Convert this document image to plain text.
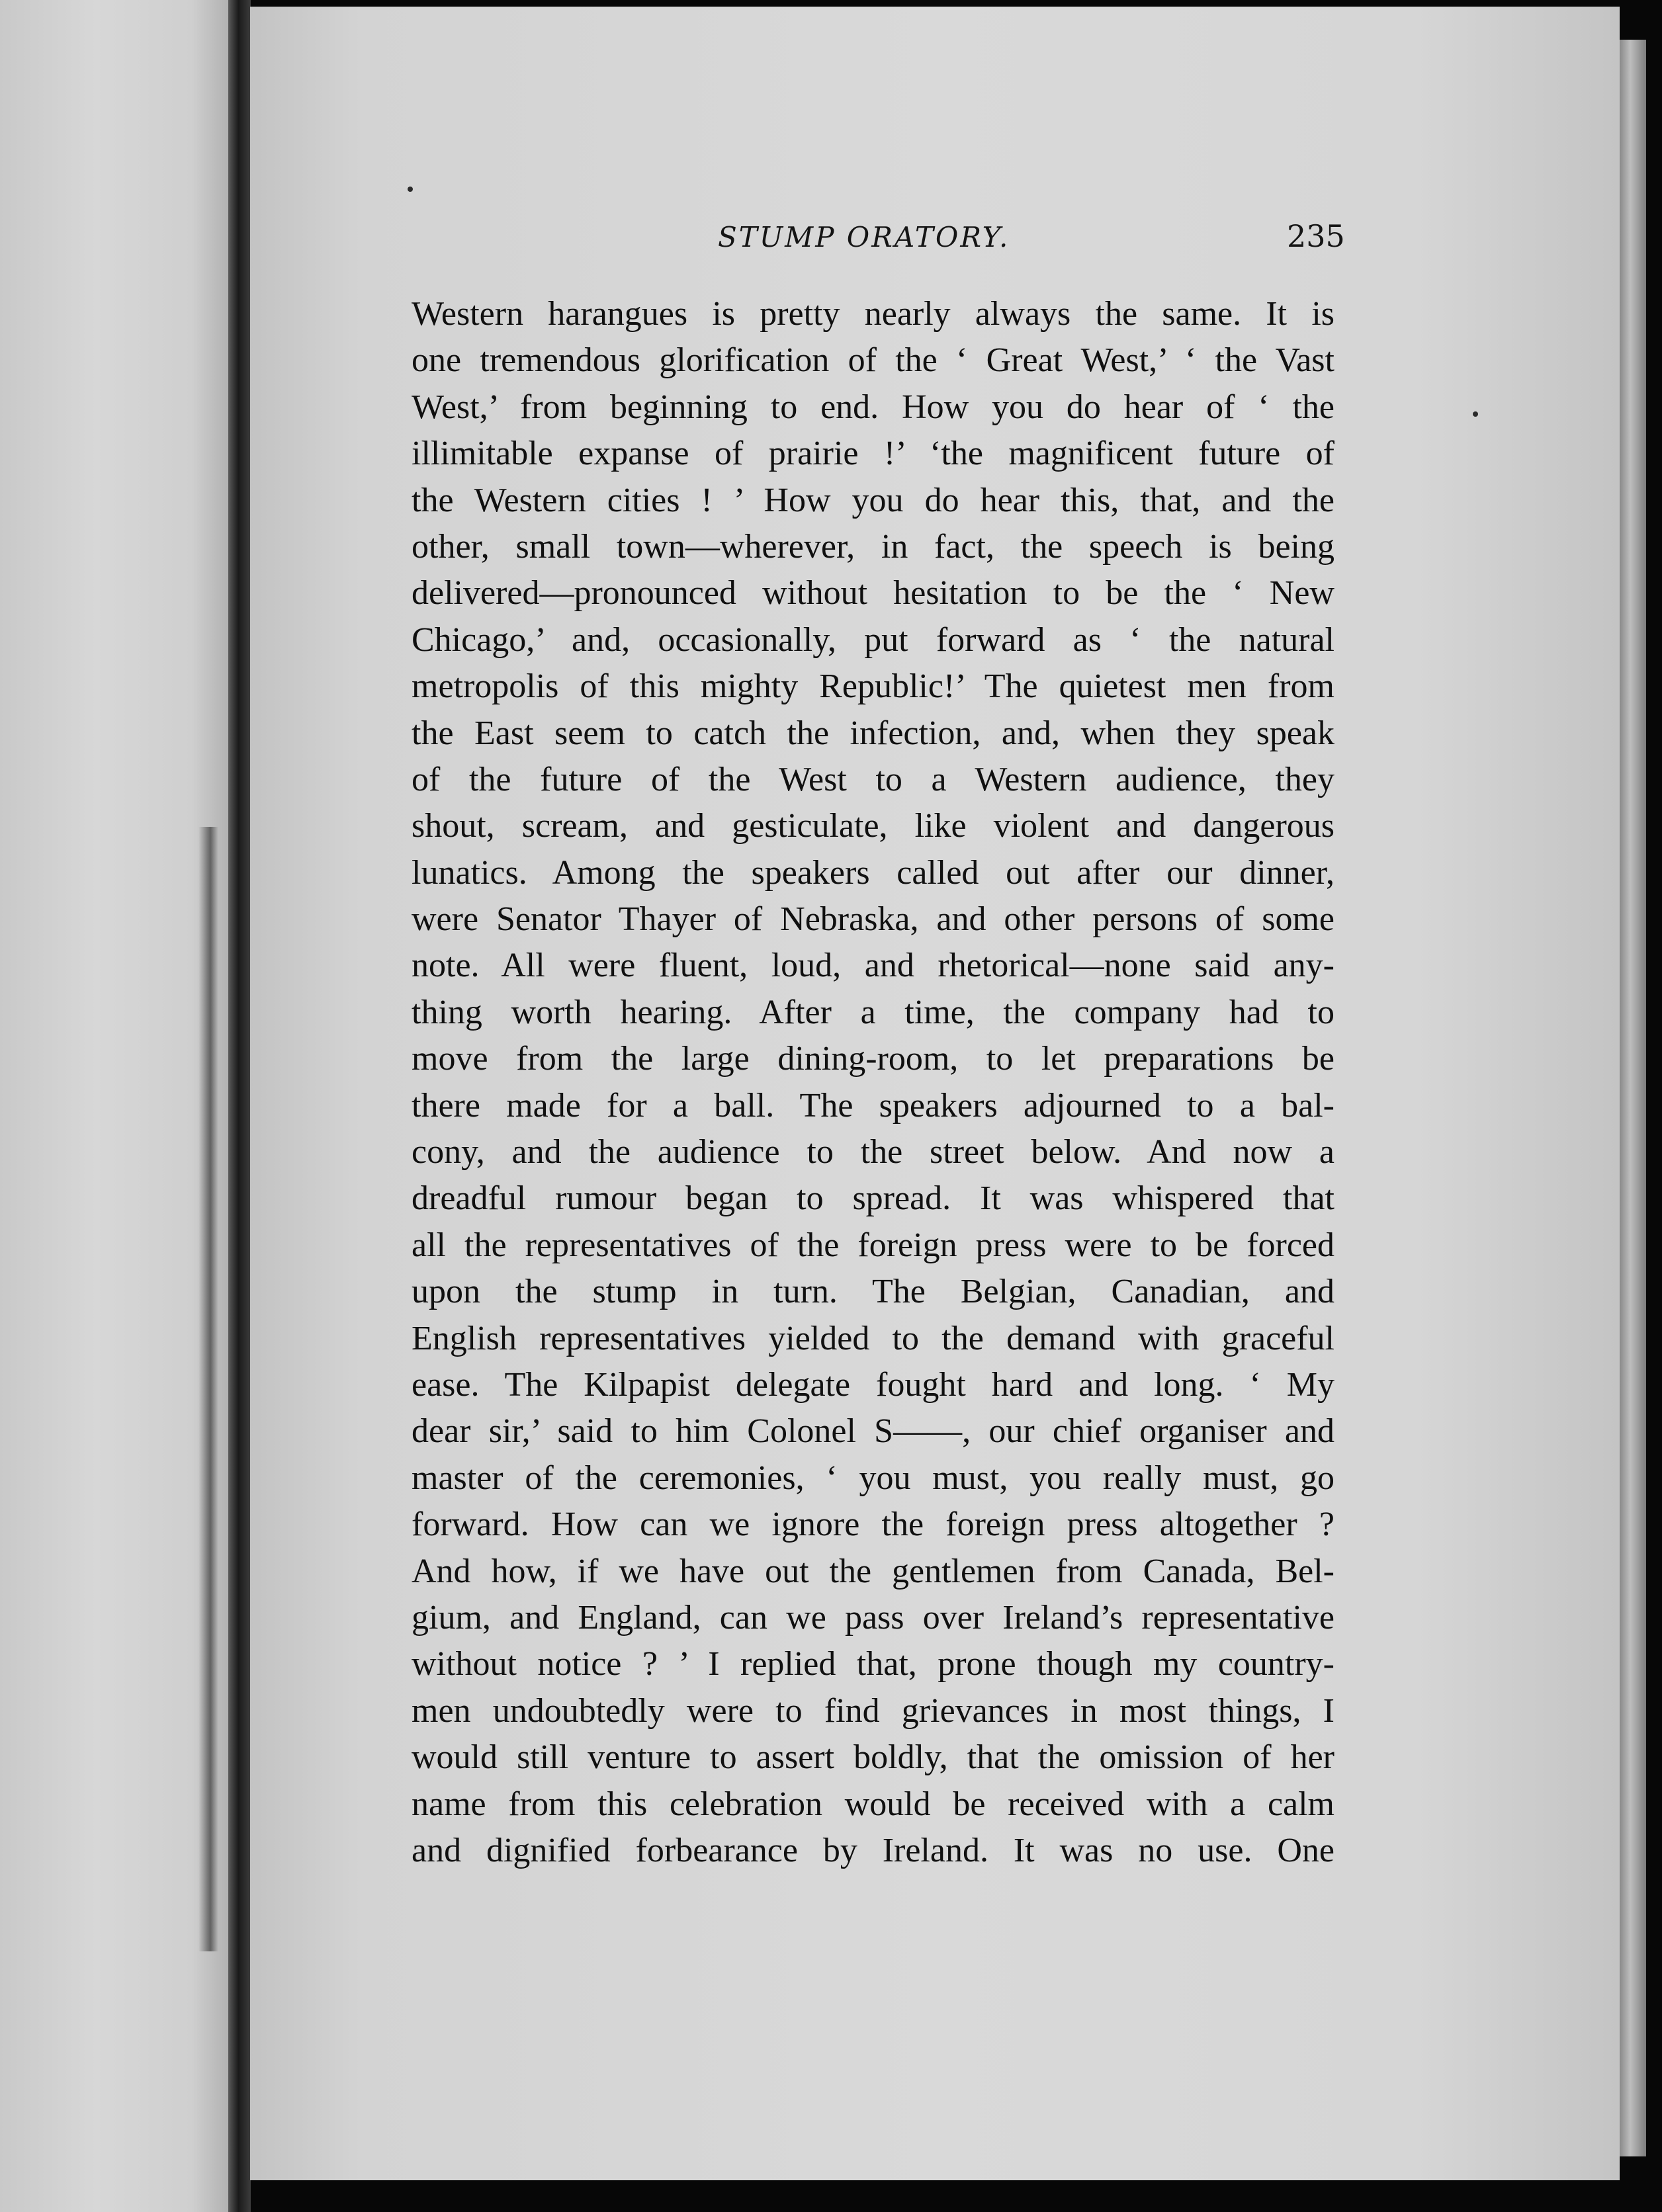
STUMP ORATORY.	235
Western harangues is pretty nearly always the same. It is
one tremendous glorification of the ‘ Great West,’ ‘ the Vast
West,’ from beginning to end. How you do hear of ‘ the
illimitable expanse of prairie !’ ‘the magnificent future of
the Western cities ! ’ How you do hear this, that, and the
other, small town—wherever, in fact, the speech is being
delivered—pronounced without hesitation to be the ‘ New
Chicago,’ and, occasionally, put forward as ‘ the natural
metropolis of this mighty Republic!’ The quietest men from
the East seem to catch the infection, and, when they speak
of the future of the West to a Western audience, they
shout, scream, and gesticulate, like violent and dangerous
lunatics. Among the speakers called out after our dinner,
were Senator Thayer of Nebraska, and other persons of some
note. All were fluent, loud, and rhetorical—none said any-
thing worth hearing. After a time, the company had to
move from the large dining-room, to let preparations be
there made for a ball. The speakers adjourned to a bal-
cony, and the audience to the street below. And now a
dreadful rumour began to spread. It was whispered that
all the representatives of the foreign press were to be forced
upon the stump in turn. The Belgian, Canadian, and
English representatives yielded to the demand with graceful
ease. The Kilpapist delegate fought hard and long. ‘ My
dear sir,’ said to him Colonel S——, our chief organiser and
master of the ceremonies, ‘ you must, you really must, go
forward. How can we ignore the foreign press altogether ?
And how, if we have out the gentlemen from Canada, Bel-
gium, and England, can we pass over Ireland’s representative
without notice ? ’ I replied that, prone though my country-
men undoubtedly were to find grievances in most things, I
would still venture to assert boldly, that the omission of her
name from this celebration would be received with a calm
and dignified forbearance by Ireland. It was no use. One
